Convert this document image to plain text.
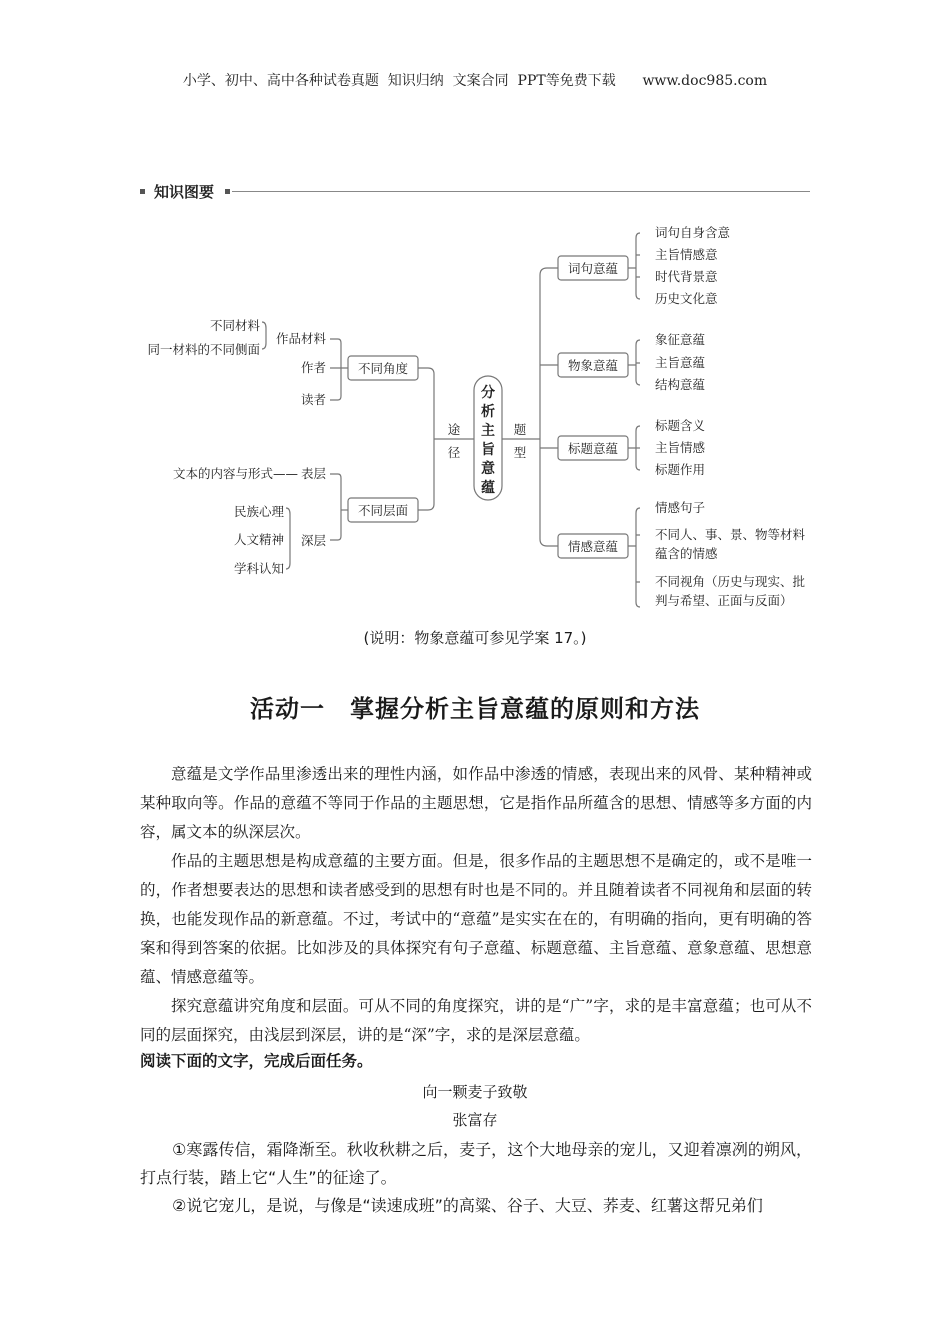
小学、初中、高中各种试卷真题  知识归纳  文案合同  PPT等免费下载      www.doc985.com
知识图要
分
析
主
旨
意
蕴
途
径
题
型
不同角度
作品材料
作者
读者
不同材料
同一材料的不同侧面
不同层面
表层
文本的内容与形式——
深层
民族心理
人文精神
学科认知
词句意蕴
词句自身含意
主旨情感意
时代背景意
历史文化意
物象意蕴
象征意蕴
主旨意蕴
结构意蕴
标题意蕴
标题含义
主旨情感
标题作用
情感意蕴
情感句子
不同人、事、景、物等材料
蕴含的情感
不同视角（历史与现实、批
判与希望、正面与反面）
(说明：物象意蕴可参见学案 17。)
活动一　掌握分析主旨意蕴的原则和方法

意蕴是文学作品里渗透出来的理性内涵，如作品中渗透的情感，表现出来的风骨、某种精神或某种取向等。作品的意蕴不等同于作品的主题思想，它是指作品所蕴含的思想、情感等多方面的内容，属文本的纵深层次。

作品的主题思想是构成意蕴的主要方面。但是，很多作品的主题思想不是确定的，或不是唯一的，作者想要表达的思想和读者感受到的思想有时也是不同的。并且随着读者不同视角和层面的转换，也能发现作品的新意蕴。不过，考试中的“意蕴”是实实在在的，有明确的指向，更有明确的答案和得到答案的依据。比如涉及的具体探究有句子意蕴、标题意蕴、主旨意蕴、意象意蕴、思想意蕴、情感意蕴等。

探究意蕴讲究角度和层面。可从不同的角度探究，讲的是“广”字，求的是丰富意蕴；也可从不同的层面探究，由浅层到深层，讲的是“深”字，求的是深层意蕴。

阅读下面的文字，完成后面任务。
向一颗麦子致敬
张富存

①寒露传信，霜降渐至。秋收秋耕之后，麦子，这个大地母亲的宠儿，又迎着凛冽的朔风，打点行装，踏上它“人生”的征途了。

②说它宠儿，是说，与像是“读速成班”的高粱、谷子、大豆、荞麦、红薯这帮兄弟们
